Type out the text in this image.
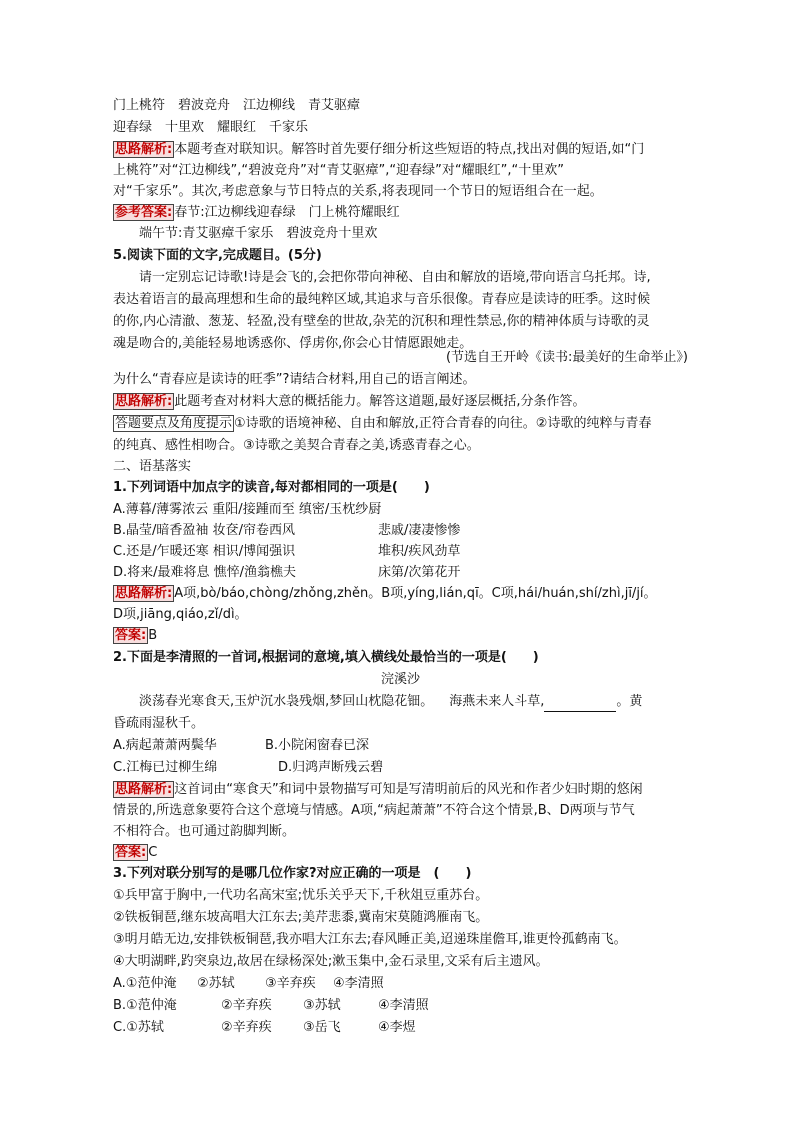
门上桃符　碧波竞舟　江边柳线　青艾驱瘴
迎春绿　十里欢　耀眼红　千家乐
思路解析: 本题考查对联知识。解答时首先要仔细分析这些短语的特点,找出对偶的短语,如“门
上桃符”对“江边柳线”,“碧波竞舟”对“青艾驱瘴”,“迎春绿”对“耀眼红”,“十里欢”
对“千家乐”。其次,考虑意象与节日特点的关系,将表现同一个节日的短语组合在一起。
参考答案: 春节:江边柳线迎春绿　门上桃符耀眼红
端午节:青艾驱瘴千家乐　碧波竞舟十里欢
5.阅读下面的文字,完成题目。(5分)
请一定别忘记诗歌!诗是会飞的,会把你带向神秘、自由和解放的语境,带向语言乌托邦。诗,
表达着语言的最高理想和生命的最纯粹区域,其追求与音乐很像。青春应是读诗的旺季。这时候
的你,内心清澈、葱茏、轻盈,没有壁垒的世故,杂芜的沉积和理性禁忌,你的精神体质与诗歌的灵
魂是吻合的,美能轻易地诱惑你、俘虏你,你会心甘情愿跟她走。
(节选自王开岭《读书:最美好的生命举止》)
为什么“青春应是读诗的旺季”?请结合材料,用自己的语言阐述。
思路解析: 此题考查对材料大意的概括能力。解答这道题,最好逐层概括,分条作答。
答题要点及角度提示 ①诗歌的语境神秘、自由和解放,正符合青春的向往。②诗歌的纯粹与青春
的纯真、感性相吻合。③诗歌之美契合青春之美,诱惑青春之心。
二、语基落实
1.下列词语中加点字的读音,每对都相同的一项是(　　)
A.薄暮/薄雾浓云 重阳/接踵而至 缜密/玉枕纱厨
B.晶莹/暗香盈袖 妆奁/帘卷西风	悲戚/凄凄惨惨
C.还是/乍暖还寒 相识/博闻强识	堆积/疾风劲草
D.将来/最难将息 憔悴/渔翁樵夫	床第/次第花开
思路解析: A项,bò/báo,chòng/zhǒng,zhěn。B项,yíng,lián,qī。C项,hái/huán,shí/zhì,jī/jí。
D项,jiāng,qiáo,zǐ/dì。
答案: B
2.下面是李清照的一首词,根据词的意境,填入横线处最恰当的一项是(　　)
浣溪沙
淡荡春光寒食天,玉炉沉水袅残烟,梦回山枕隐花钿。 海燕未来人斗草,	。黄
昏疏雨湿秋千。
A.病起萧萧两鬓华	B.小院闲窗春已深
C.江梅已过柳生绵	D.归鸿声断残云碧
思路解析: 这首词由“寒食天”和词中景物描写可知是写清明前后的风光和作者少妇时期的悠闲
情景的,所选意象要符合这个意境与情感。A项,“病起萧萧”不符合这个情景,B、D两项与节气
不相符合。也可通过韵脚判断。
答案: C
3.下列对联分别写的是哪几位作家?对应正确的一项是　(　　)
①兵甲富于胸中,一代功名高宋室;忧乐关乎天下,千秋俎豆重苏台。
②铁板铜琶,继东坡高唱大江东去;美芹悲黍,冀南宋莫随鸿雁南飞。
③明月皓无边,安排铁板铜琶,我亦唱大江东去;春风睡正美,迢递珠崖儋耳,谁更怜孤鹤南飞。
④大明湖畔,趵突泉边,故居在绿杨深处;漱玉集中,金石录里,文采有后主遗风。
A.①范仲淹 ②苏轼 ③辛弃疾 ④李清照
B.①范仲淹	②辛弃疾 ③苏轼	④李清照
C.①苏轼	②辛弃疾 ③岳飞	④李煜
